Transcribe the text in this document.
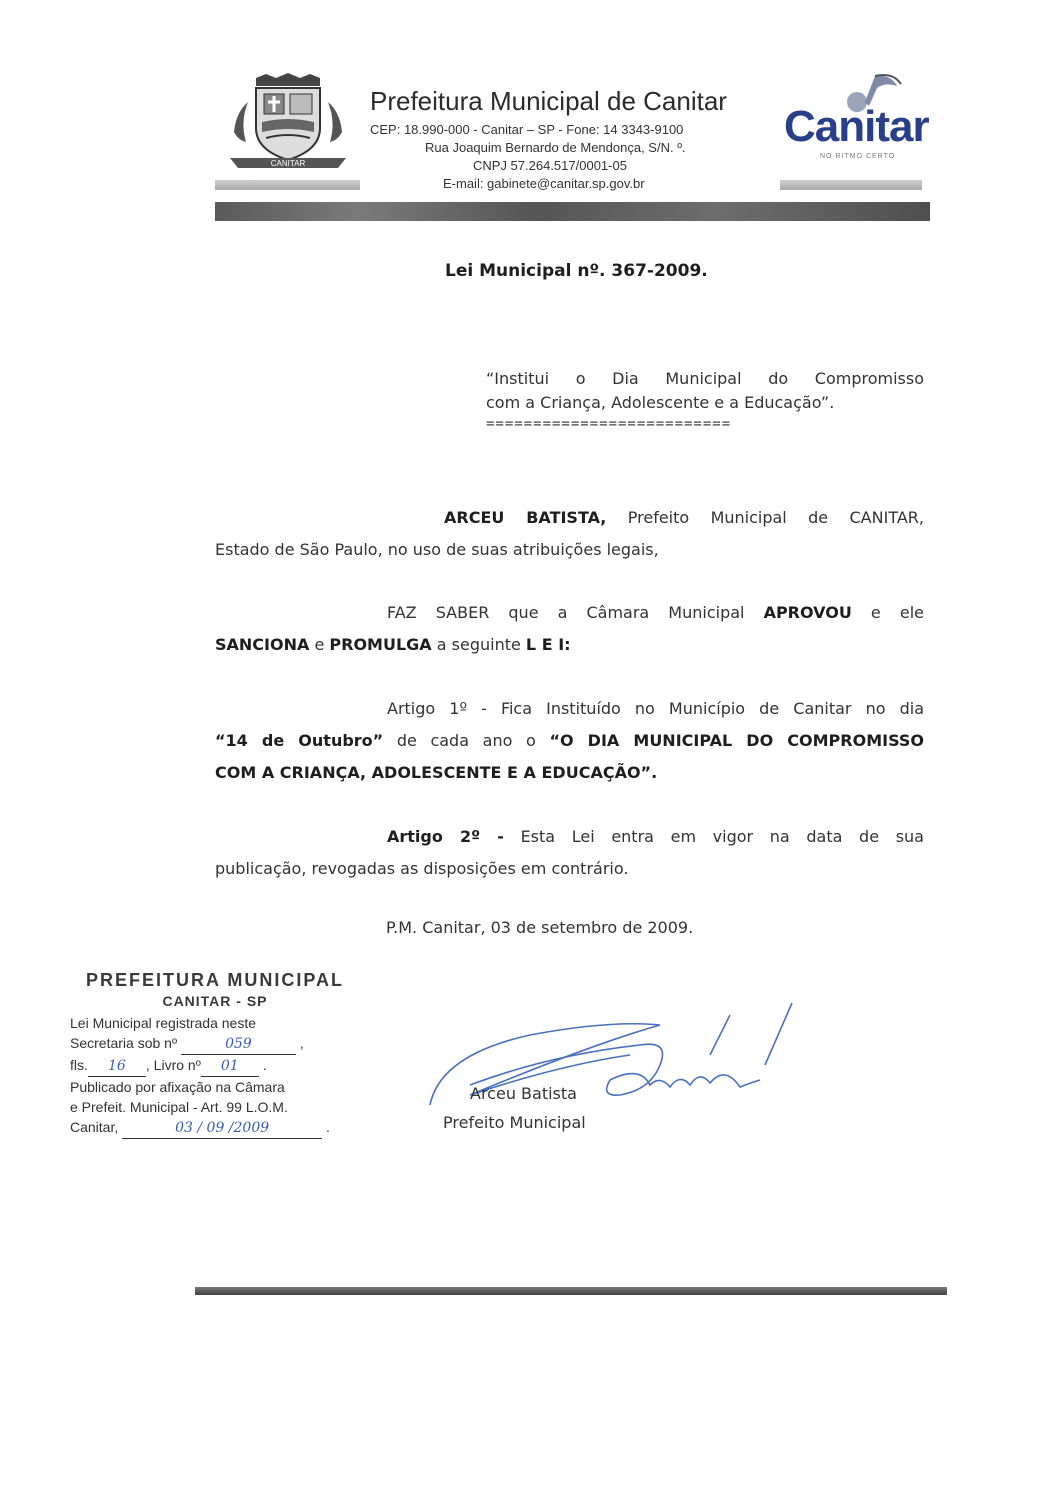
CANITAR
Prefeitura Municipal de Canitar
CEP: 18.990-000 - Canitar – SP - Fone: 14 3343-9100
Rua Joaquim Bernardo de Mendonça, S/N. º.
CNPJ 57.264.517/0001-05
E-mail: gabinete@canitar.sp.gov.br
Canitar
NO RITMO CERTO
Lei Municipal nº. 367-2009.
“Institui o Dia Municipal do Compromisso
com a Criança, Adolescente e a Educação”.
==========================
ARCEU BATISTA, Prefeito Municipal de CANITAR,
Estado de São Paulo, no uso de suas atribuições legais,
FAZ SABER que a Câmara Municipal APROVOU e ele
SANCIONA e PROMULGA a seguinte L E I:
Artigo 1º - Fica Instituído no Município de Canitar no dia
“14 de Outubro” de cada ano o “O DIA MUNICIPAL DO COMPROMISSO
COM A CRIANÇA, ADOLESCENTE E A EDUCAÇÃO”.
Artigo 2º - Esta Lei entra em vigor na data de sua
publicação, revogadas as disposições em contrário.
P.M. Canitar, 03 de setembro de 2009.
PREFEITURA MUNICIPAL
CANITAR - SP
Lei Municipal registrada neste
Secretaria sob nº	059	,
fls. 16 , Livro nº 01 .
Publicado por afixação na Câmara
e Prefeit. Municipal - Art. 99 L.O.M.
Canitar,	03 / 09 /2009	.
Arceu Batista
Prefeito Municipal
